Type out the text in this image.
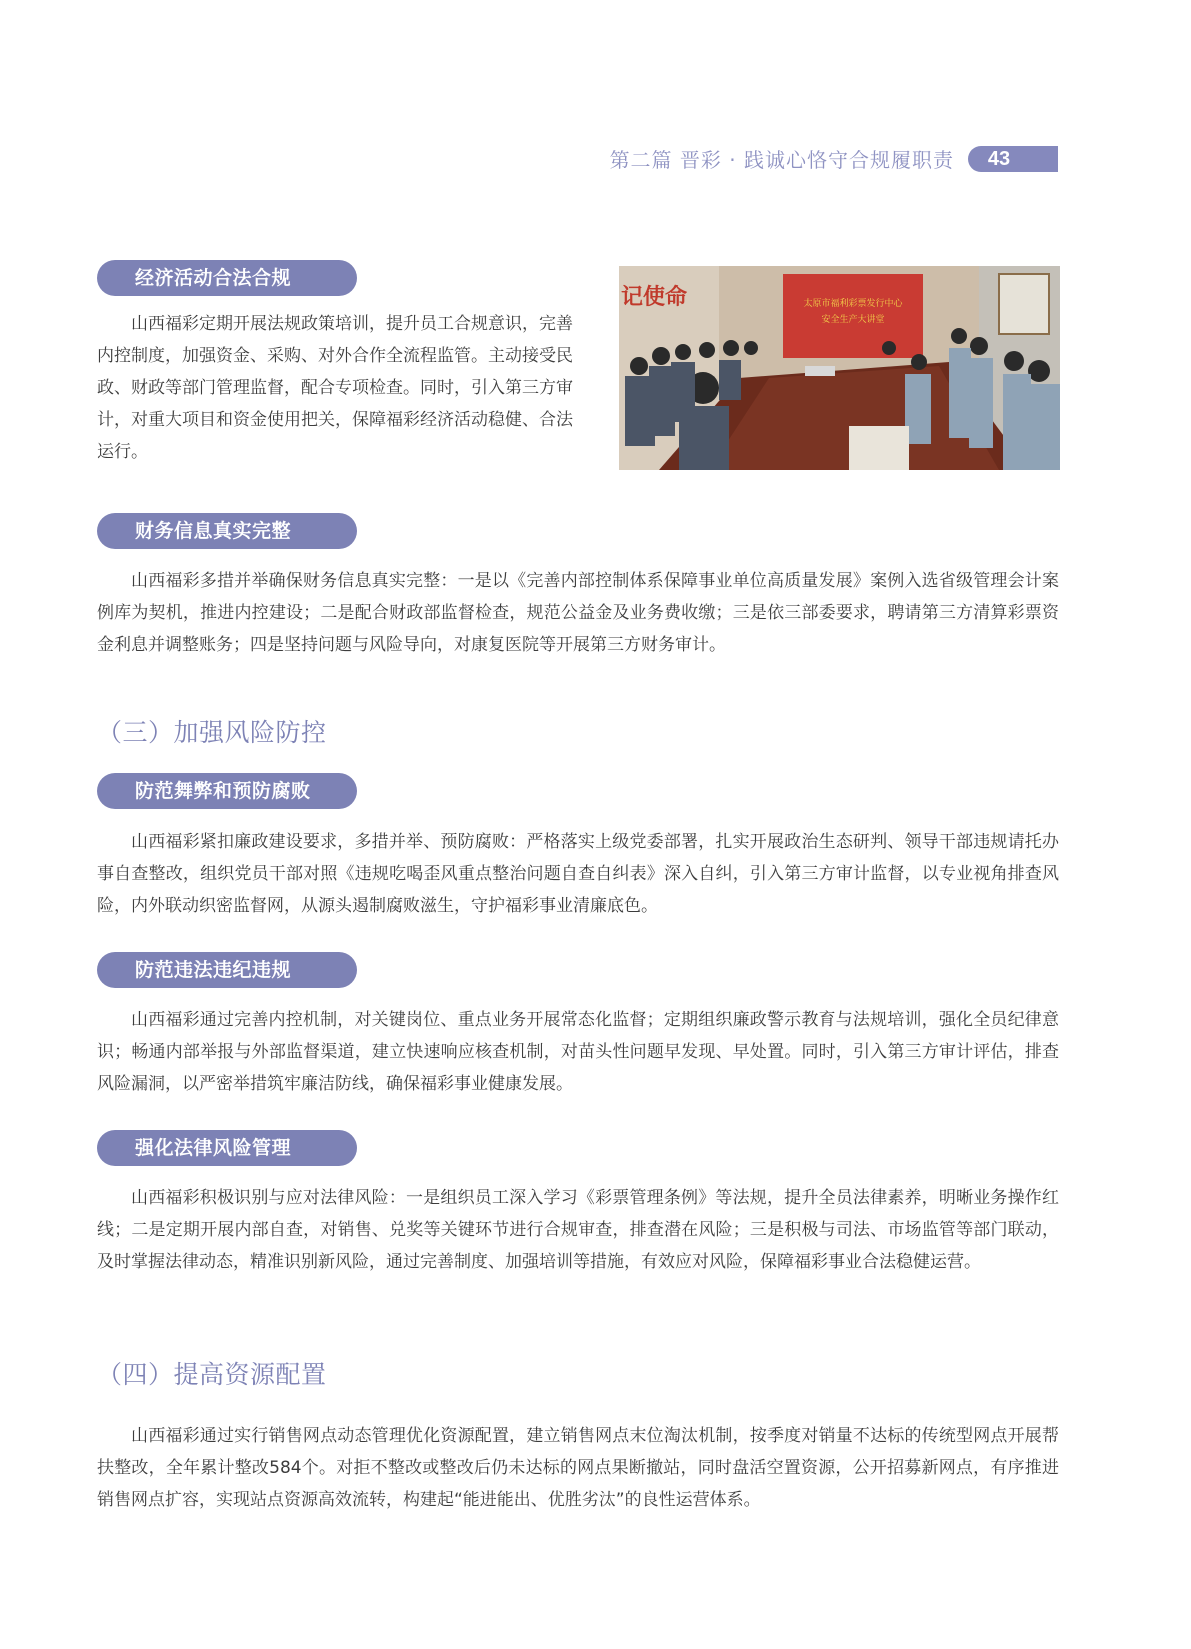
第二篇 晋彩 · 践诚心恪守合规履职责	43
经济活动合法合规

山西福彩定期开展法规政策培训，提升员工合规意识，完善内控制度，加强资金、采购、对外合作全流程监管。主动接受民政、财政等部门管理监督，配合专项检查。同时，引入第三方审计，对重大项目和资金使用把关，保障福彩经济活动稳健、合法运行。

记使命	太原市福利彩票发行中心
安全生产大讲堂
财务信息真实完整

山西福彩多措并举确保财务信息真实完整：一是以《完善内部控制体系保障事业单位高质量发展》案例入选省级管理会计案例库为契机，推进内控建设；二是配合财政部监督检查，规范公益金及业务费收缴；三是依三部委要求，聘请第三方清算彩票资金利息并调整账务；四是坚持问题与风险导向，对康复医院等开展第三方财务审计。

（三）加强风险防控
防范舞弊和预防腐败

山西福彩紧扣廉政建设要求，多措并举、预防腐败：严格落实上级党委部署，扎实开展政治生态研判、领导干部违规请托办事自查整改，组织党员干部对照《违规吃喝歪风重点整治问题自查自纠表》深入自纠，引入第三方审计监督，以专业视角排查风险，内外联动织密监督网，从源头遏制腐败滋生，守护福彩事业清廉底色。

防范违法违纪违规

山西福彩通过完善内控机制，对关键岗位、重点业务开展常态化监督；定期组织廉政警示教育与法规培训，强化全员纪律意识；畅通内部举报与外部监督渠道，建立快速响应核查机制，对苗头性问题早发现、早处置。同时，引入第三方审计评估，排查风险漏洞，以严密举措筑牢廉洁防线，确保福彩事业健康发展。

强化法律风险管理

山西福彩积极识别与应对法律风险：一是组织员工深入学习《彩票管理条例》等法规，提升全员法律素养，明晰业务操作红线；二是定期开展内部自查，对销售、兑奖等关键环节进行合规审查，排查潜在风险；三是积极与司法、市场监管等部门联动，及时掌握法律动态，精准识别新风险，通过完善制度、加强培训等措施，有效应对风险，保障福彩事业合法稳健运营。

（四）提高资源配置

山西福彩通过实行销售网点动态管理优化资源配置，建立销售网点末位淘汰机制，按季度对销量不达标的传统型网点开展帮扶整改，全年累计整改584个。对拒不整改或整改后仍未达标的网点果断撤站，同时盘活空置资源，公开招募新网点，有序推进销售网点扩容，实现站点资源高效流转，构建起“能进能出、优胜劣汰”的良性运营体系。
